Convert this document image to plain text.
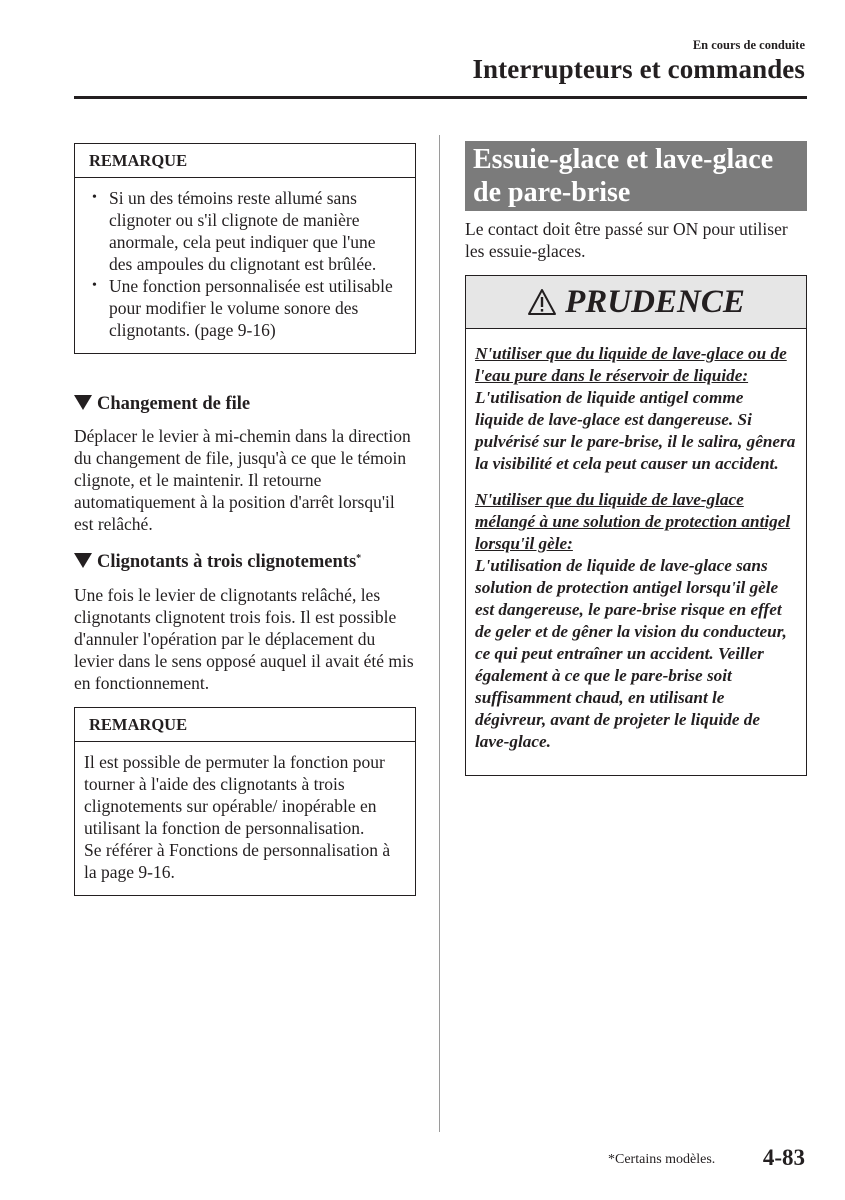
En cours de conduite
Interrupteurs et commandes
REMARQUE
• Si un des témoins reste allumé sans clignoter ou s'il clignote de manière anormale, cela peut indiquer que l'une des ampoules du clignotant est brûlée.
• Une fonction personnalisée est utilisable pour modifier le volume sonore des clignotants. (page 9-16)
Changement de file

Déplacer le levier à mi-chemin dans la direction du changement de file, jusqu'à ce que le témoin clignote, et le maintenir. Il retourne automatiquement à la position d'arrêt lorsqu'il est relâché.

Clignotants à trois clignotements*

Une fois le levier de clignotants relâché, les clignotants clignotent trois fois. Il est possible d'annuler l'opération par le déplacement du levier dans le sens opposé auquel il avait été mis en fonctionnement.

REMARQUE
Il est possible de permuter la fonction pour tourner à l'aide des clignotants à trois clignotements sur opérable/ inopérable en utilisant la fonction de personnalisation.
Se référer à Fonctions de personnalisation à la page 9-16.
Essuie-glace et lave-glace de pare-brise

Le contact doit être passé sur ON pour utiliser les essuie-glaces.

PRUDENCE

N'utiliser que du liquide de lave-glace ou de l'eau pure dans le réservoir de liquide:
L'utilisation de liquide antigel comme liquide de lave-glace est dangereuse. Si pulvérisé sur le pare-brise, il le salira, gênera la visibilité et cela peut causer un accident.

N'utiliser que du liquide de lave-glace mélangé à une solution de protection antigel lorsqu'il gèle:
L'utilisation de liquide de lave-glace sans solution de protection antigel lorsqu'il gèle est dangereuse, le pare-brise risque en effet de geler et de gêner la vision du conducteur, ce qui peut entraîner un accident. Veiller également à ce que le pare-brise soit suffisamment chaud, en utilisant le dégivreur, avant de projeter le liquide de lave-glace.

*Certains modèles. 4-83
